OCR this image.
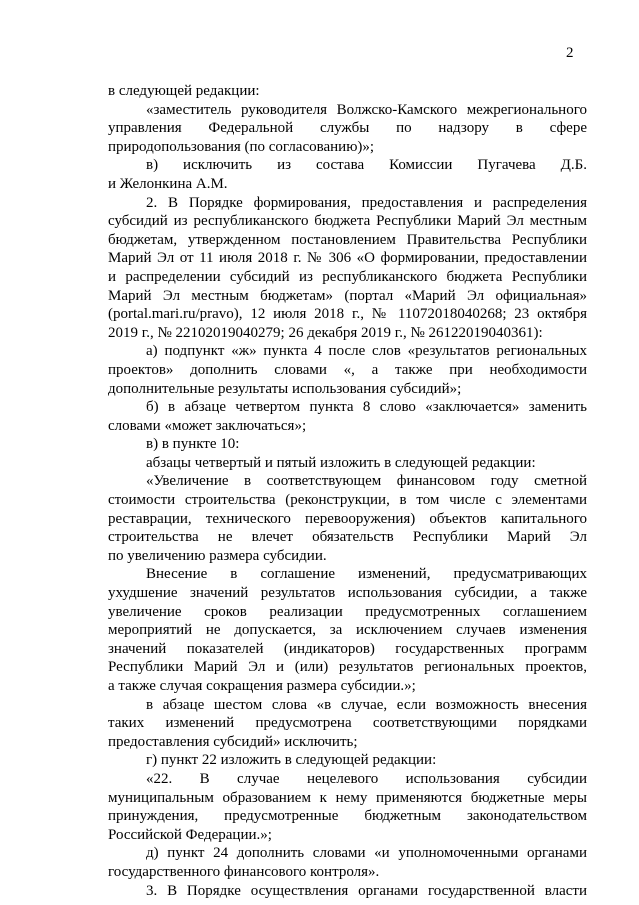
2
в следующей редакции:
«заместитель руководителя Волжско-Камского межрегионального
управления Федеральной службы по надзору в сфере
природопользования (по согласованию)»;
в) исключить из состава Комиссии Пугачева Д.Б.
и Желонкина А.М.
2. В Порядке формирования, предоставления и распределения
субсидий из республиканского бюджета Республики Марий Эл местным
бюджетам, утвержденном постановлением Правительства Республики
Марий Эл от 11 июля 2018 г. № 306 «О формировании, предоставлении
и распределении субсидий из республиканского бюджета Республики
Марий Эл местным бюджетам» (портал «Марий Эл официальная»
(portal.mari.ru/pravo), 12 июля 2018 г., № 11072018040268; 23 октября
2019 г., № 22102019040279; 26 декабря 2019 г., № 26122019040361):
а) подпункт «ж» пункта 4 после слов «результатов региональных
проектов» дополнить словами «, а также при необходимости
дополнительные результаты использования субсидий»;
б) в абзаце четвертом пункта 8 слово «заключается» заменить
словами «может заключаться»;
в) в пункте 10:
абзацы четвертый и пятый изложить в следующей редакции:
«Увеличение в соответствующем финансовом году сметной
стоимости строительства (реконструкции, в том числе с элементами
реставрации, технического перевооружения) объектов капитального
строительства не влечет обязательств Республики Марий Эл
по увеличению размера субсидии.
Внесение в соглашение изменений, предусматривающих
ухудшение значений результатов использования субсидии, а также
увеличение сроков реализации предусмотренных соглашением
мероприятий не допускается, за исключением случаев изменения
значений показателей (индикаторов) государственных программ
Республики Марий Эл и (или) результатов региональных проектов,
а также случая сокращения размера субсидии.»;
в абзаце шестом слова «в случае, если возможность внесения
таких изменений предусмотрена соответствующими порядками
предоставления субсидий» исключить;
г) пункт 22 изложить в следующей редакции:
«22. В случае нецелевого использования субсидии
муниципальным образованием к нему применяются бюджетные меры
принуждения, предусмотренные бюджетным законодательством
Российской Федерации.»;
д) пункт 24 дополнить словами «и уполномоченными органами
государственного финансового контроля».
3. В Порядке осуществления органами государственной власти
